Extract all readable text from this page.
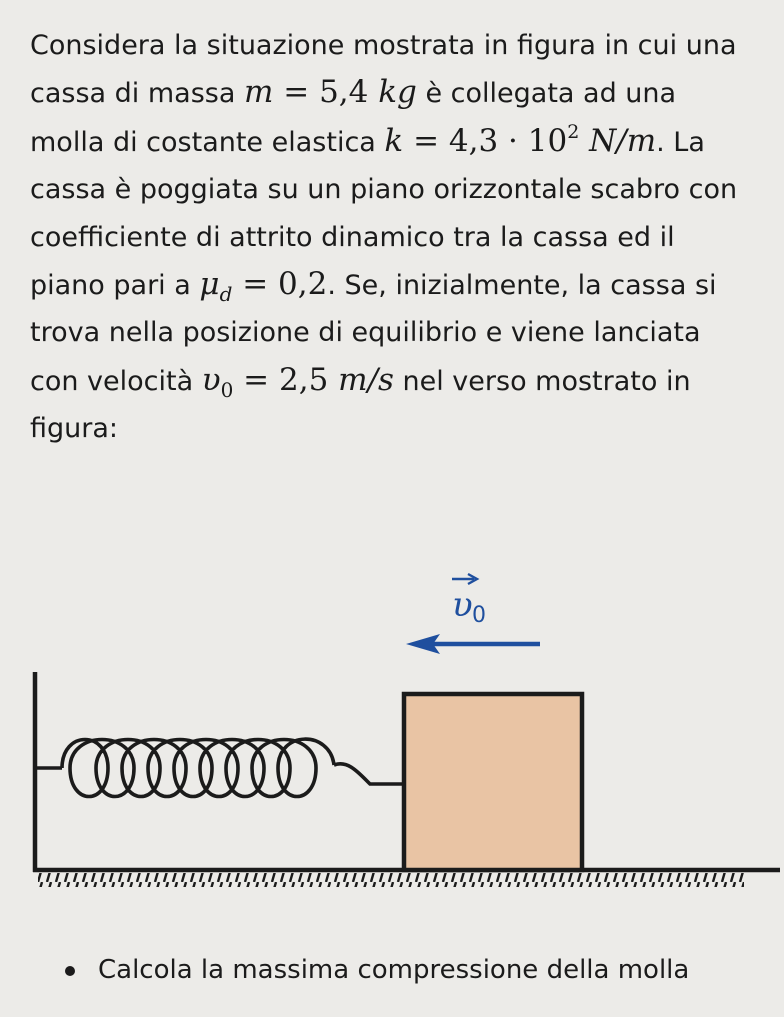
Considera la situazione mostrata in figura in cui una
cassa di massa m = 5,4 kg è collegata ad una
molla di costante elastica $k = 4,3 \cdot 10^2$ N/m. La
cassa è poggiata su un piano orizzontale scabro con
coefficiente di attrito dinamico tra la cassa ed il
piano pari a $\mu_d = 0,2$. Se, inizialmente, la cassa si
trova nella posizione di equilibrio e viene lanciata
con velocità $\upsilon_0 = 2,5$ m/s nel verso mostrato in
figura:
υ 0
Calcola la massima compressione della molla
